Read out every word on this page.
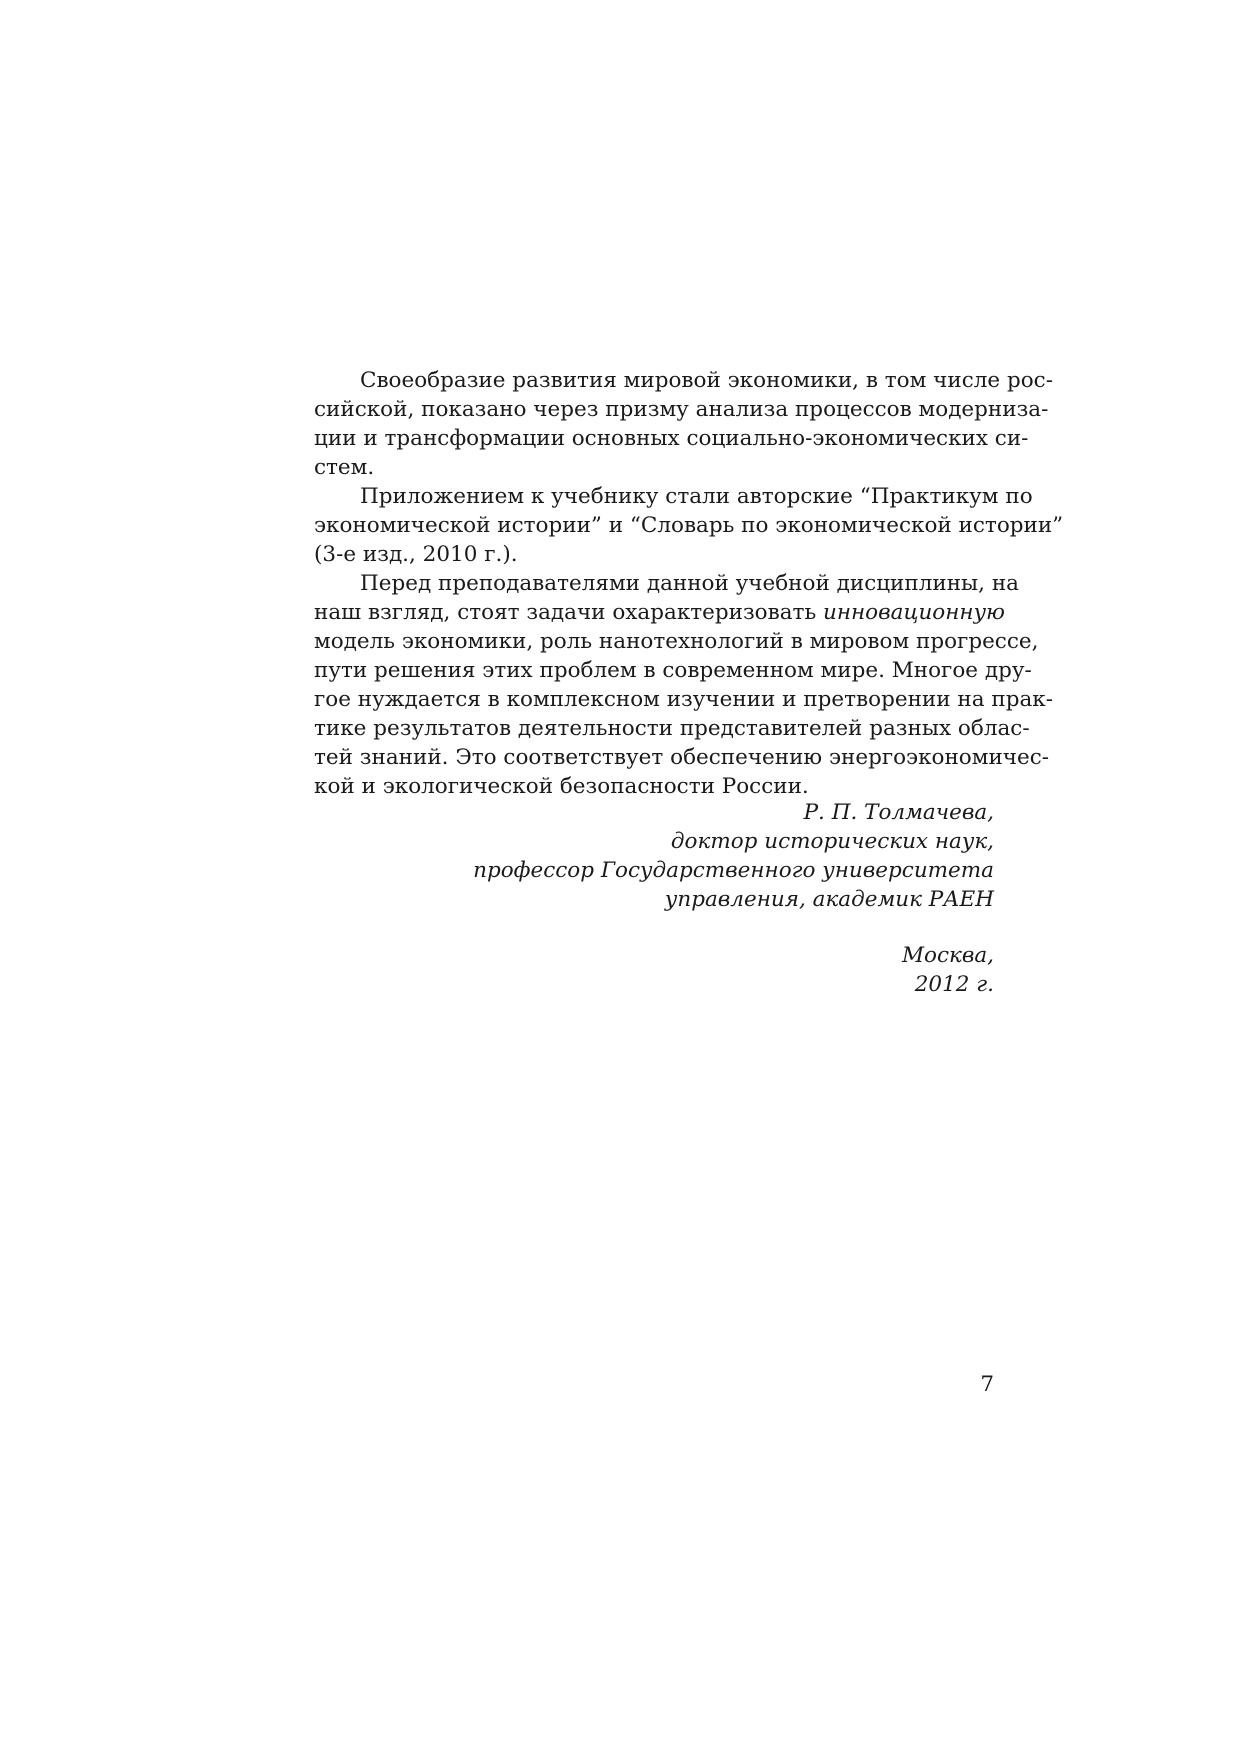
Своеобразие развития мировой экономики, в том числе рос-
сийской, показано через призму анализа процессов модерниза-
ции и трансформации основных социально-экономических си-
стем.
Приложением к учебнику стали авторские “Практикум по
экономической истории” и “Словарь по экономической истории”
(3-е изд., 2010 г.).
Перед преподавателями данной учебной дисциплины, на
наш взгляд, стоят задачи охарактеризовать инновационную
модель экономики, роль нанотехнологий в мировом прогрессе,
пути решения этих проблем в современном мире. Многое дру-
гое нуждается в комплексном изучении и претворении на прак-
тике результатов деятельности представителей разных облас-
тей знаний. Это соответствует обеспечению энергоэкономичес-
кой и экологической безопасности России.
Р. П. Толмачева,
доктор исторических наук,
профессор Государственного университета
управления, академик РАЕН
Москва,
2012 г.
7
